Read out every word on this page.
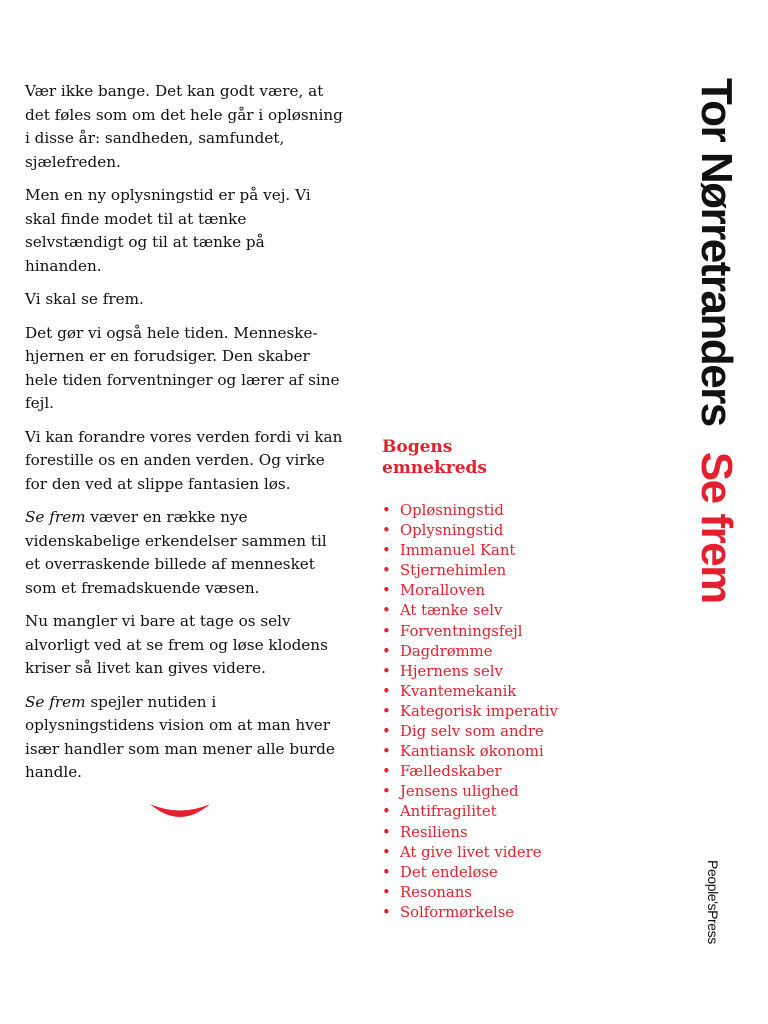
Vær ikke bange. Det kan godt være, at det føles som om det hele går i opløsning i disse år: sandheden, samfundet, sjælefreden.

Men en ny oplysningstid er på vej. Vi skal finde modet til at tænke selvstændigt og til at tænke på hinanden.

Vi skal se frem.

Det gør vi også hele tiden. Menneske-hjernen er en forudsiger. Den skaber hele tiden forventninger og lærer af sine fejl.

Vi kan forandre vores verden fordi vi kan forestille os en anden verden. Og virke for den ved at slippe fantasien løs.

Se frem væver en række nye videnskabelige erkendelser sammen til et overraskende billede af mennesket som et fremadskuende væsen.

Nu mangler vi bare at tage os selv alvorligt ved at se frem og løse klodens kriser så livet kan gives videre.

Se frem spejler nutiden i oplysningstidens vision om at man hver især handler som man mener alle burde handle.

Bogens
emnekreds
• Opløsningstid
• Oplysningstid
• Immanuel Kant
• Stjernehimlen
• Moralloven
• At tænke selv
• Forventningsfejl
• Dagdrømme
• Hjernens selv
• Kvantemekanik
• Kategorisk imperativ
• Dig selv som andre
• Kantiansk økonomi
• Fælledskaber
• Jensens ulighed
• Antifragilitet
• Resiliens
• At give livet videre
• Det endeløse
• Resonans
• Solformørkelse
Tor NørretrandersSe frem
People'sPress
